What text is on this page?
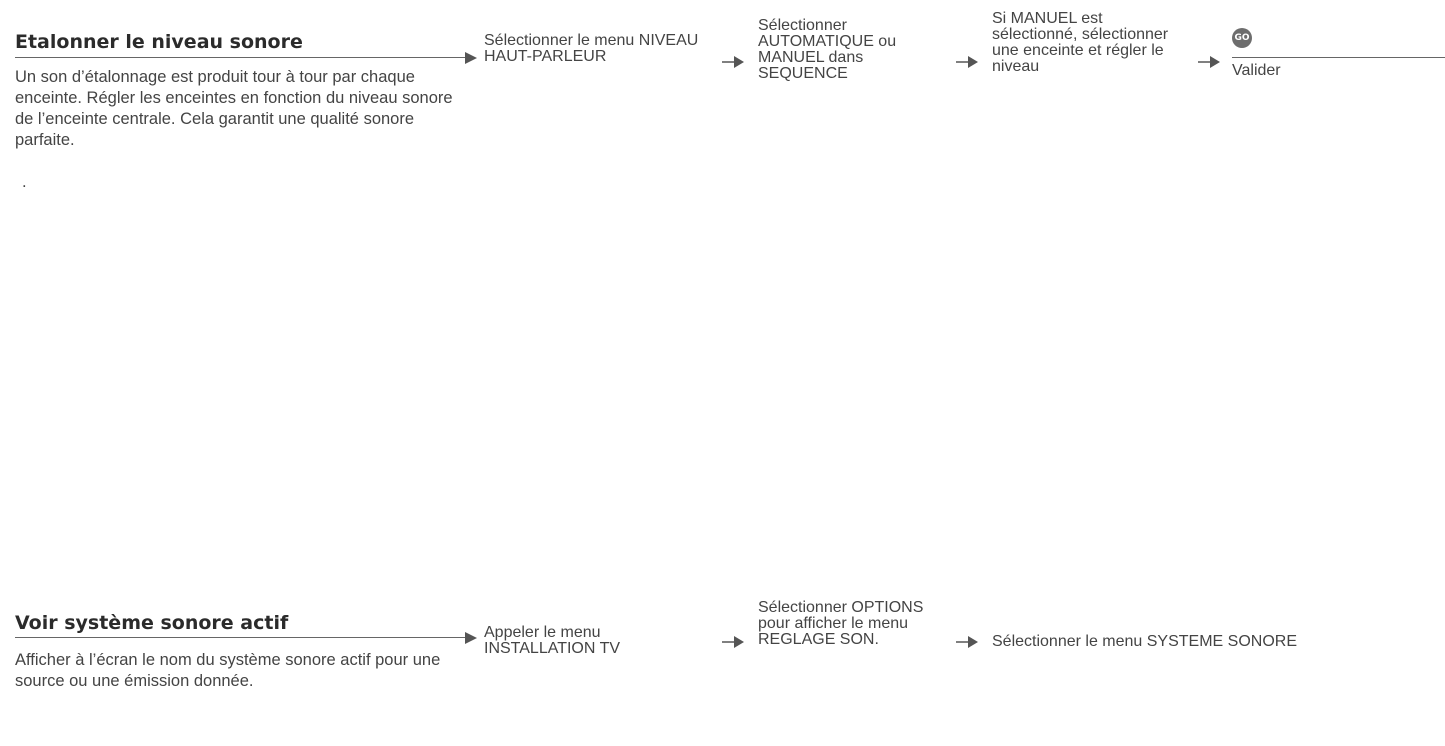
Etalonner le niveau sonore
Un son d’étalonnage est produit tour à tour par chaque enceinte. Régler les enceintes en fonction du niveau sonore de l’enceinte centrale. Cela garantit une qualité sonore parfaite.
.
Sélectionner le menu NIVEAU HAUT-PARLEUR
Sélectionner AUTOMATIQUE ou MANUEL dans SEQUENCE
Si MANUEL est sélectionné, sélectionner une enceinte et régler le niveau
GO
Valider
Voir système sonore actif
Afficher à l’écran le nom du système sonore actif pour une source ou une émission donnée.
Appeler le menu INSTALLATION TV
Sélectionner OPTIONS pour afficher le menu REGLAGE SON.	Sélectionner le menu SYSTEME SONORE
